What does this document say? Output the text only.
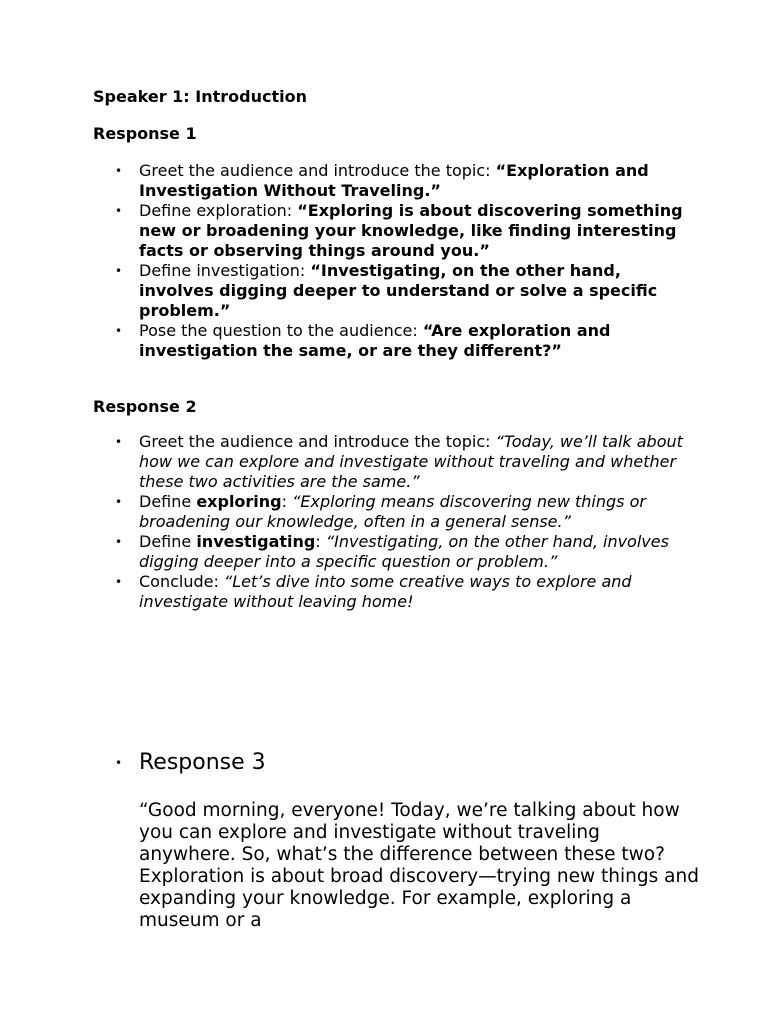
Speaker 1: Introduction

Response 1

• Greet the audience and introduce the topic: “Exploration and Investigation Without Traveling.”
• Define exploration: “Exploring is about discovering something new or broadening your knowledge, like finding interesting facts or observing things around you.”
• Define investigation: “Investigating, on the other hand, involves digging deeper to understand or solve a specific problem.”
• Pose the question to the audience: “Are exploration and investigation the same, or are they different?”

Response 2

• Greet the audience and introduce the topic: “Today, we’ll talk about how we can explore and investigate without traveling and whether these two activities are the same.”
• Define exploring: “Exploring means discovering new things or broadening our knowledge, often in a general sense.”
• Define investigating: “Investigating, on the other hand, involves digging deeper into a specific question or problem.”
• Conclude: “Let’s dive into some creative ways to explore and investigate without leaving home!
• Response 3

“Good morning, everyone! Today, we’re talking about how you can explore and investigate without traveling anywhere. So, what’s the difference between these two? Exploration is about broad discovery—trying new things and expanding your knowledge. For example, exploring a museum or a
